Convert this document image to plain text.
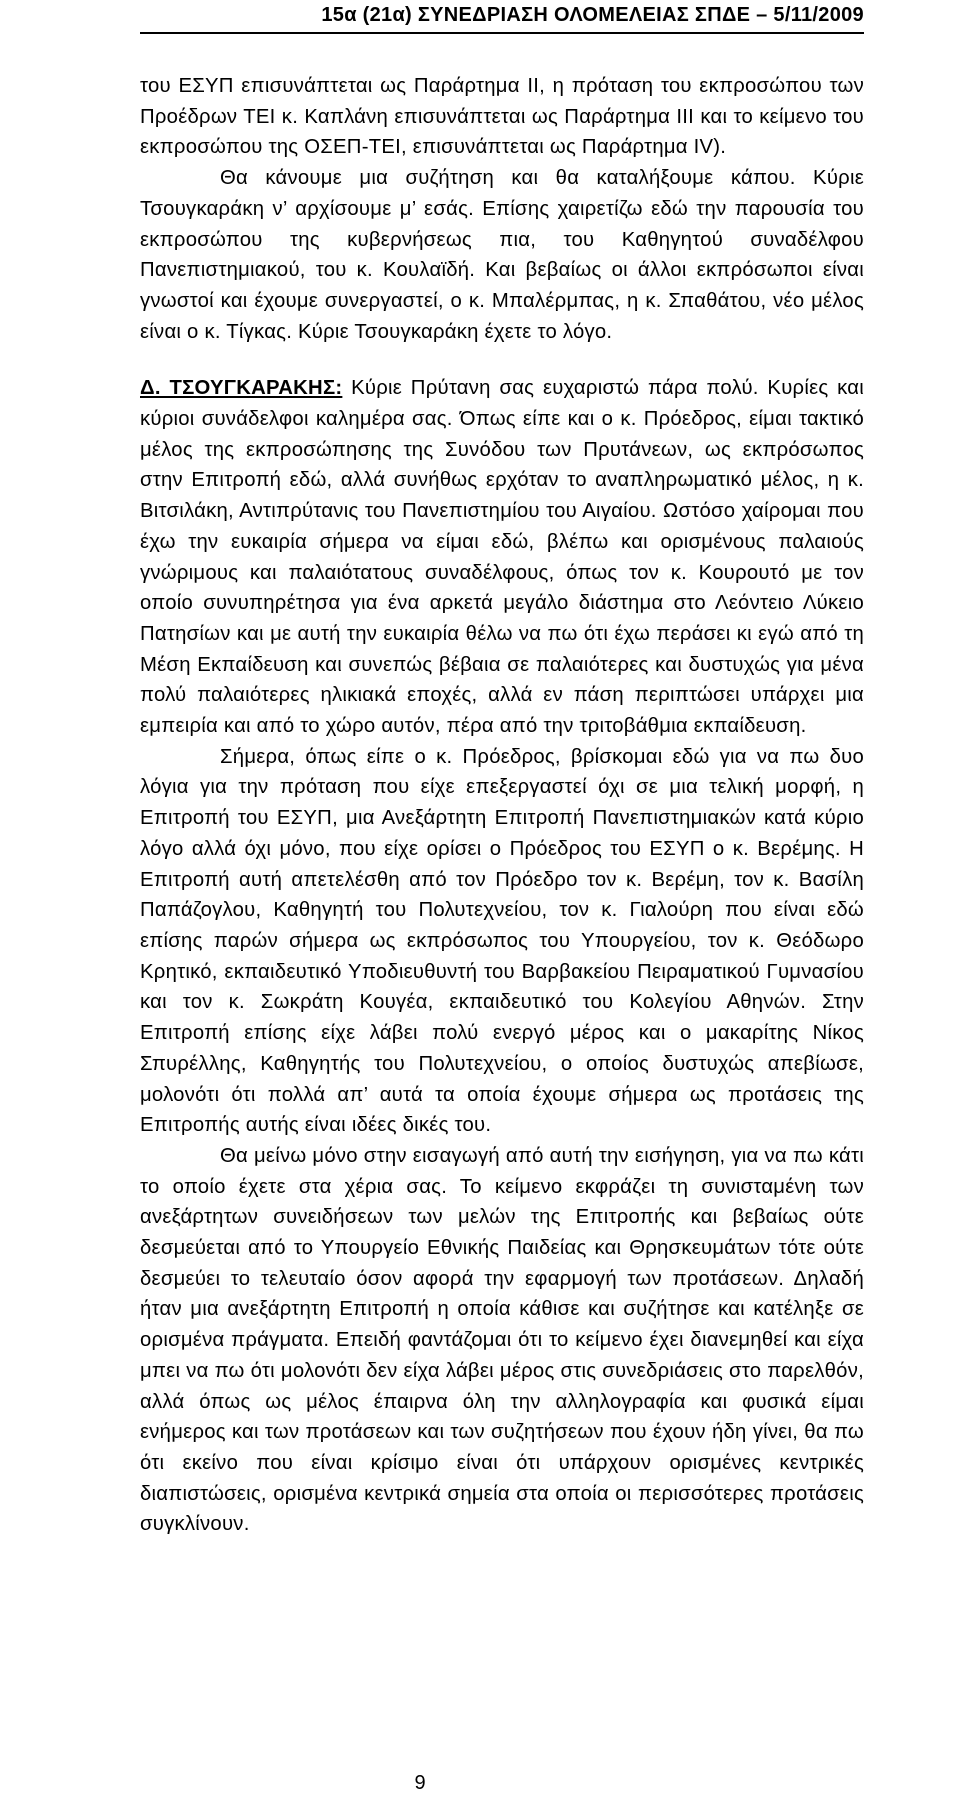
15α (21α) ΣΥΝΕΔΡΙΑΣΗ ΟΛΟΜΕΛΕΙΑΣ ΣΠΔΕ – 5/11/2009

του ΕΣΥΠ επισυνάπτεται ως Παράρτημα ΙΙ, η πρόταση του εκπροσώπου των Προέδρων ΤΕΙ κ. Καπλάνη επισυνάπτεται ως Παράρτημα ΙΙΙ και το κείμενο του εκπροσώπου της ΟΣΕΠ-ΤΕΙ, επισυνάπτεται ως Παράρτημα IV).

Θα κάνουμε μια συζήτηση και θα καταλήξουμε κάπου. Κύριε Τσουγκαράκη ν’ αρχίσουμε μ’ εσάς. Επίσης χαιρετίζω εδώ την παρουσία του εκπροσώπου της κυβερνήσεως πια, του Καθηγητού συναδέλφου Πανεπιστημιακού, του κ. Κουλαϊδή. Και βεβαίως οι άλλοι εκπρόσωποι είναι γνωστοί και έχουμε συνεργαστεί, ο κ. Μπαλέρμπας, η κ. Σπαθάτου, νέο μέλος είναι ο κ. Τίγκας. Κύριε Τσουγκαράκη έχετε το λόγο.

Δ. ΤΣΟΥΓΚΑΡΑΚΗΣ: Κύριε Πρύτανη σας ευχαριστώ πάρα πολύ. Κυρίες και κύριοι συνάδελφοι καλημέρα σας. Όπως είπε και ο κ. Πρόεδρος, είμαι τακτικό μέλος της εκπροσώπησης της Συνόδου των Πρυτάνεων, ως εκπρόσωπος στην Επιτροπή εδώ, αλλά συνήθως ερχόταν το αναπληρωματικό μέλος, η κ. Βιτσιλάκη, Αντιπρύτανις του Πανεπιστημίου του Αιγαίου. Ωστόσο χαίρομαι που έχω την ευκαιρία σήμερα να είμαι εδώ, βλέπω και ορισμένους παλαιούς γνώριμους και παλαιότατους συναδέλφους, όπως τον κ. Κουρουτό με τον οποίο συνυπηρέτησα για ένα αρκετά μεγάλο διάστημα στο Λεόντειο Λύκειο Πατησίων και με αυτή την ευκαιρία θέλω να πω ότι έχω περάσει κι εγώ από τη Μέση Εκπαίδευση και συνεπώς βέβαια σε παλαιότερες και δυστυχώς για μένα πολύ παλαιότερες ηλικιακά εποχές, αλλά εν πάση περιπτώσει υπάρχει μια εμπειρία και από το χώρο αυτόν, πέρα από την τριτοβάθμια εκπαίδευση.

Σήμερα, όπως είπε ο κ. Πρόεδρος, βρίσκομαι εδώ για να πω δυο λόγια για την πρόταση που είχε επεξεργαστεί όχι σε μια τελική μορφή, η Επιτροπή του ΕΣΥΠ, μια Ανεξάρτητη Επιτροπή Πανεπιστημιακών κατά κύριο λόγο αλλά όχι μόνο, που είχε ορίσει ο Πρόεδρος του ΕΣΥΠ ο κ. Βερέμης. Η Επιτροπή αυτή απετελέσθη από τον Πρόεδρο τον κ. Βερέμη, τον κ. Βασίλη Παπάζογλου, Καθηγητή του Πολυτεχνείου, τον κ. Γιαλούρη που είναι εδώ επίσης παρών σήμερα ως εκπρόσωπος του Υπουργείου, τον κ. Θεόδωρο Κρητικό, εκπαιδευτικό Υποδιευθυντή του Βαρβακείου Πειραματικού Γυμνασίου και τον κ. Σωκράτη Κουγέα, εκπαιδευτικό του Κολεγίου Αθηνών. Στην Επιτροπή επίσης είχε λάβει πολύ ενεργό μέρος και ο μακαρίτης Νίκος Σπυρέλλης, Καθηγητής του Πολυτεχνείου, ο οποίος δυστυχώς απεβίωσε, μολονότι ότι πολλά απ’ αυτά τα οποία έχουμε σήμερα ως προτάσεις της Επιτροπής αυτής είναι ιδέες δικές του.

Θα μείνω μόνο στην εισαγωγή από αυτή την εισήγηση, για να πω κάτι το οποίο έχετε στα χέρια σας. Το κείμενο εκφράζει τη συνισταμένη των ανεξάρτητων συνειδήσεων των μελών της Επιτροπής και βεβαίως ούτε δεσμεύεται από το Υπουργείο Εθνικής Παιδείας και Θρησκευμάτων τότε ούτε δεσμεύει το τελευταίο όσον αφορά την εφαρμογή των προτάσεων. Δηλαδή ήταν μια ανεξάρτητη Επιτροπή η οποία κάθισε και συζήτησε και κατέληξε σε ορισμένα πράγματα. Επειδή φαντάζομαι ότι το κείμενο έχει διανεμηθεί και είχα μπει να πω ότι μολονότι δεν είχα λάβει μέρος στις συνεδριάσεις στο παρελθόν, αλλά όπως ως μέλος έπαιρνα όλη την αλληλογραφία και φυσικά είμαι ενήμερος και των προτάσεων και των συζητήσεων που έχουν ήδη γίνει, θα πω ότι εκείνο που είναι κρίσιμο είναι ότι υπάρχουν ορισμένες κεντρικές διαπιστώσεις, ορισμένα κεντρικά σημεία στα οποία οι περισσότερες προτάσεις συγκλίνουν.

9
